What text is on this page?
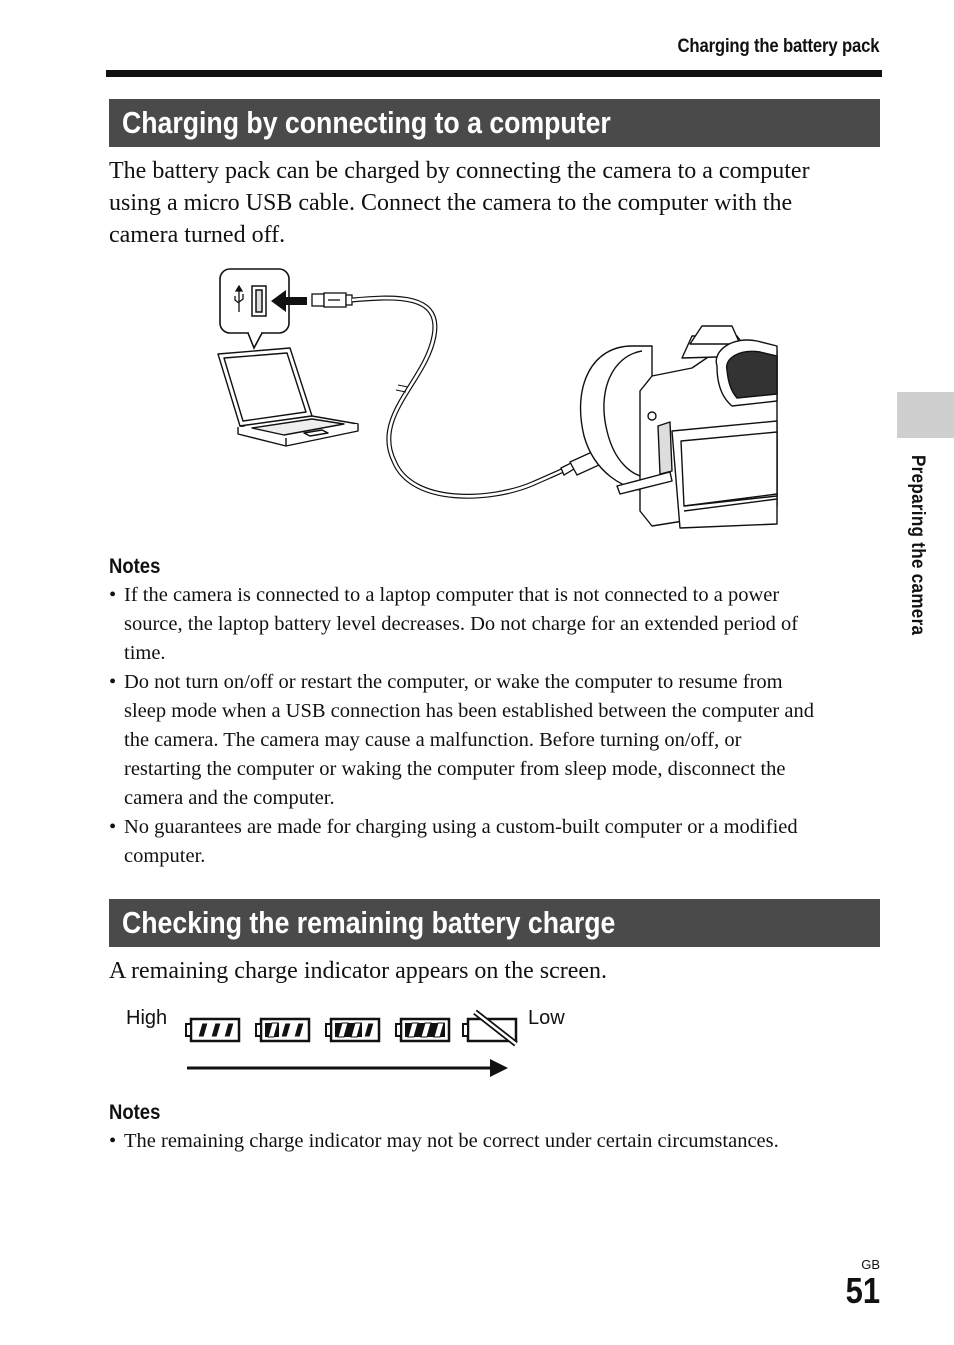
Charging the battery pack
Preparing the camera
Charging by connecting to a computer
The battery pack can be charged by connecting the camera to a computer
using a micro USB cable. Connect the camera to the computer with the
camera turned off.
Notes
• If the camera is connected to a laptop computer that is not connected to a power
source, the laptop battery level decreases. Do not charge for an extended period of
time.
• Do not turn on/off or restart the computer, or wake the computer to resume from
sleep mode when a USB connection has been established between the computer and
the camera. The camera may cause a malfunction. Before turning on/off, or
restarting the computer or waking the computer from sleep mode, disconnect the
camera and the computer.
• No guarantees are made for charging using a custom-built computer or a modified
computer.
Checking the remaining battery charge
A remaining charge indicator appears on the screen.
High	Low
Notes
• The remaining charge indicator may not be correct under certain circumstances.
GB
51
